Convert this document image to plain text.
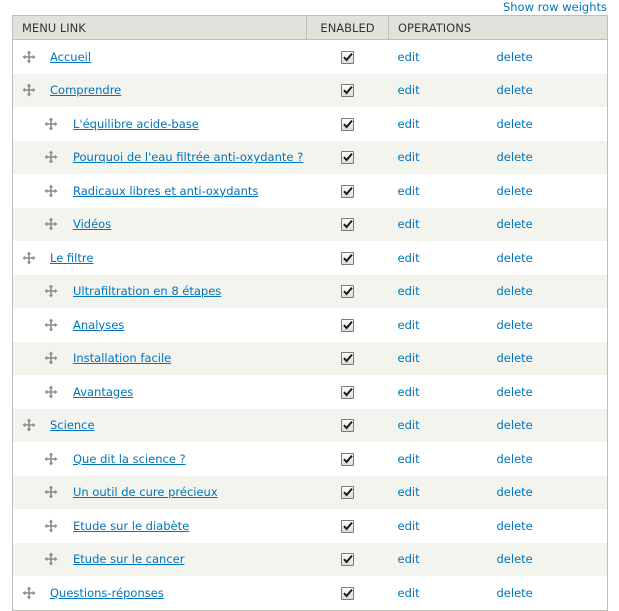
Show row weights
MENU LINK	ENABLED	OPERATIONS	

Accueil		edit	delete

Comprendre		edit	delete

L'équilibre acide-base		edit	delete

Pourquoi de l'eau filtrée anti-oxydante ?		edit	delete

Radicaux libres et anti-oxydants		edit	delete

Vidéos		edit	delete

Le filtre		edit	delete

Ultrafiltration en 8 étapes		edit	delete

Analyses		edit	delete

Installation facile		edit	delete

Avantages		edit	delete

Science		edit	delete

Que dit la science ?		edit	delete

Un outil de cure précieux		edit	delete

Etude sur le diabète		edit	delete

Etude sur le cancer		edit	delete

Questions-réponses		edit	delete
